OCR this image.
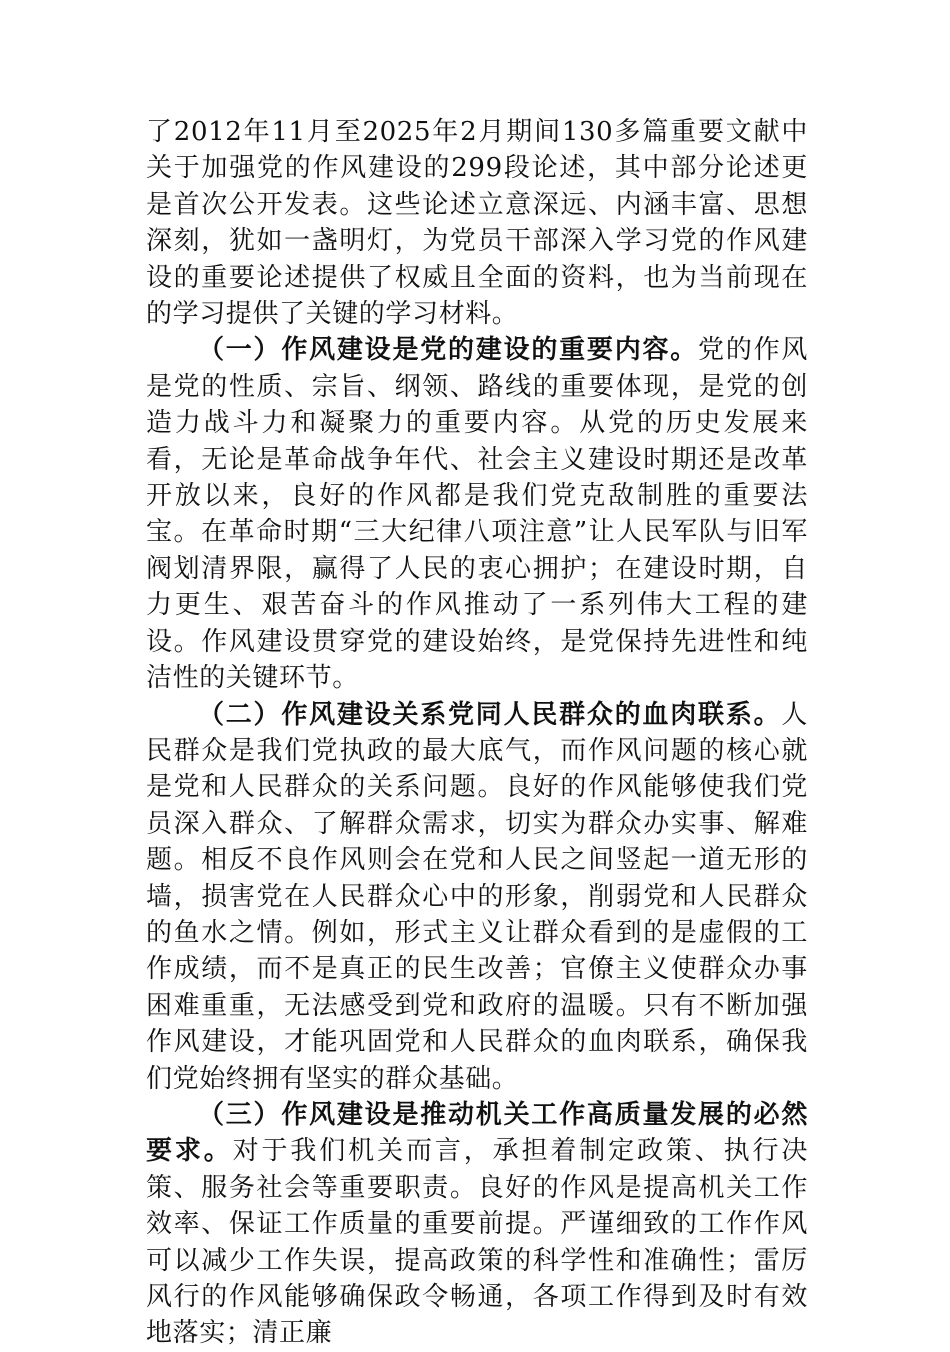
了2012年11月至2025年2月期间130多篇重要文献中关于加强党的作风建设的299段论述，其中部分论述更是首次公开发表。这些论述立意深远、内涵丰富、思想深刻，犹如一盏明灯，为党员干部深入学习党的作风建设的重要论述提供了权威且全面的资料，也为当前现在的学习提供了关键的学习材料。

（一）作风建设是党的建设的重要内容。党的作风是党的性质、宗旨、纲领、路线的重要体现，是党的创造力战斗力和凝聚力的重要内容。从党的历史发展来看，无论是革命战争年代、社会主义建设时期还是改革开放以来，良好的作风都是我们党克敌制胜的重要法宝。在革命时期“三大纪律八项注意”让人民军队与旧军阀划清界限，赢得了人民的衷心拥护；在建设时期，自力更生、艰苦奋斗的作风推动了一系列伟大工程的建设。作风建设贯穿党的建设始终，是党保持先进性和纯洁性的关键环节。

（二）作风建设关系党同人民群众的血肉联系。人民群众是我们党执政的最大底气，而作风问题的核心就是党和人民群众的关系问题。良好的作风能够使我们党员深入群众、了解群众需求，切实为群众办实事、解难题。相反不良作风则会在党和人民之间竖起一道无形的墙，损害党在人民群众心中的形象，削弱党和人民群众的鱼水之情。例如，形式主义让群众看到的是虚假的工作成绩，而不是真正的民生改善；官僚主义使群众办事困难重重，无法感受到党和政府的温暖。只有不断加强作风建设，才能巩固党和人民群众的血肉联系，确保我们党始终拥有坚实的群众基础。

（三）作风建设是推动机关工作高质量发展的必然要求。对于我们机关而言，承担着制定政策、执行决策、服务社会等重要职责。良好的作风是提高机关工作效率、保证工作质量的重要前提。严谨细致的工作作风可以减少工作失误，提高政策的科学性和准确性；雷厉风行的作风能够确保政令畅通，各项工作得到及时有效地落实；清正廉
